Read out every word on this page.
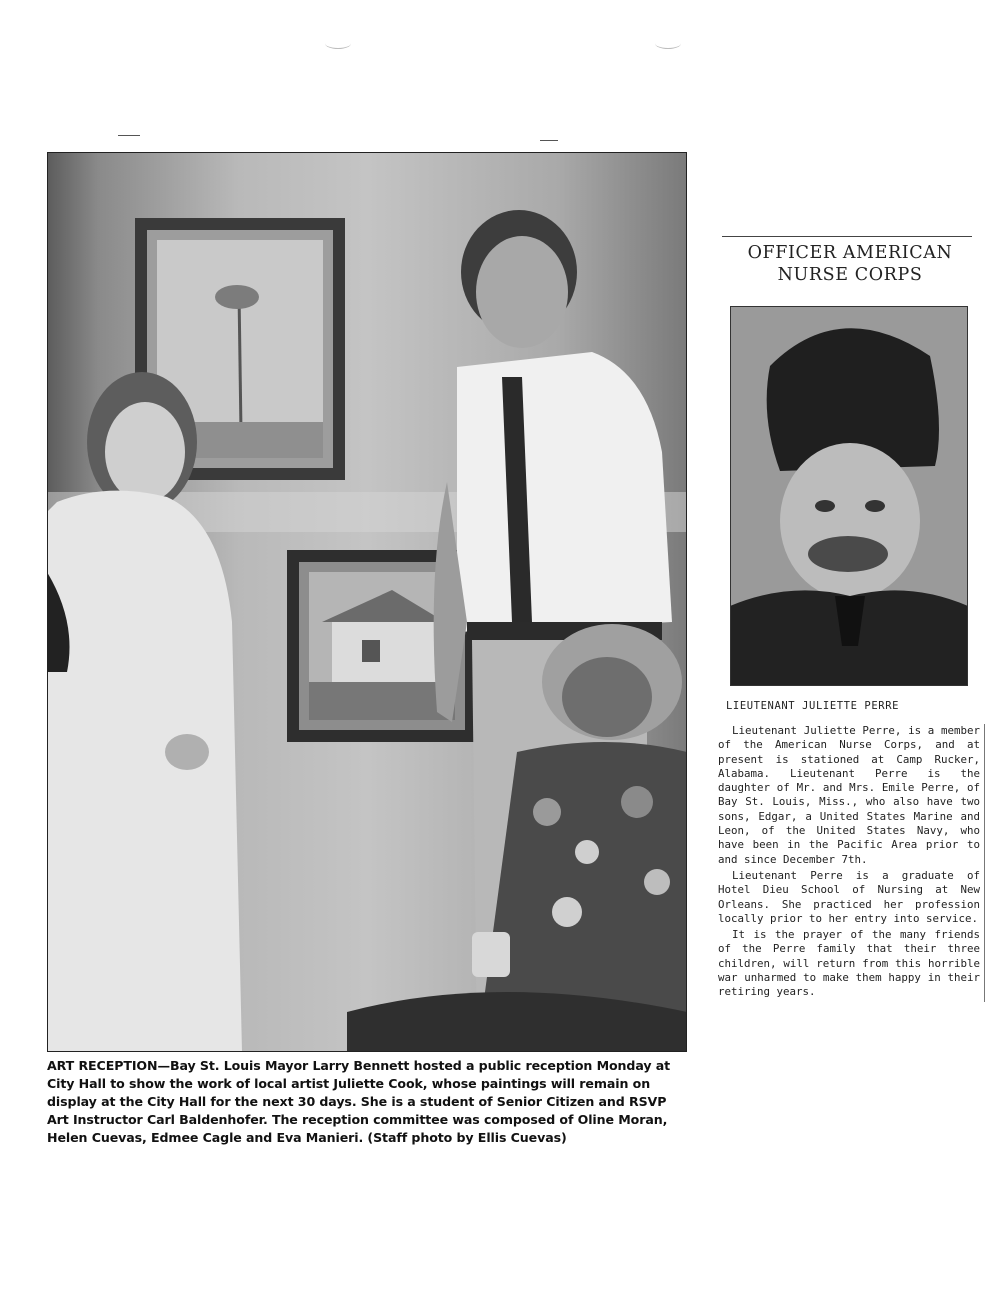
ART RECEPTION—Bay St. Louis Mayor Larry Bennett hosted a public reception Monday at City Hall to show the work of local artist Juliette Cook, whose paintings will remain on display at the City Hall for the next 30 days. She is a student of Senior Citizen and RSVP Art Instructor Carl Baldenhofer. The reception committee was composed of Oline Moran, Helen Cuevas, Edmee Cagle and Eva Manieri. (Staff photo by Ellis Cuevas)
OFFICER AMERICAN
NURSE CORPS
LIEUTENANT JULIETTE PERRE

Lieutenant Juliette Perre, is a member of the American Nurse Corps, and at present is stationed at Camp Rucker, Alabama. Lieutenant Perre is the daughter of Mr. and Mrs. Emile Perre, of Bay St. Louis, Miss., who also have two sons, Edgar, a United States Marine and Leon, of the United States Navy, who have been in the Pacific Area prior to and since December 7th.

Lieutenant Perre is a graduate of Hotel Dieu School of Nursing at New Orleans. She practiced her profession locally prior to her entry into service.

It is the prayer of the many friends of the Perre family that their three children, will return from this horrible war unharmed to make them happy in their retiring years.
